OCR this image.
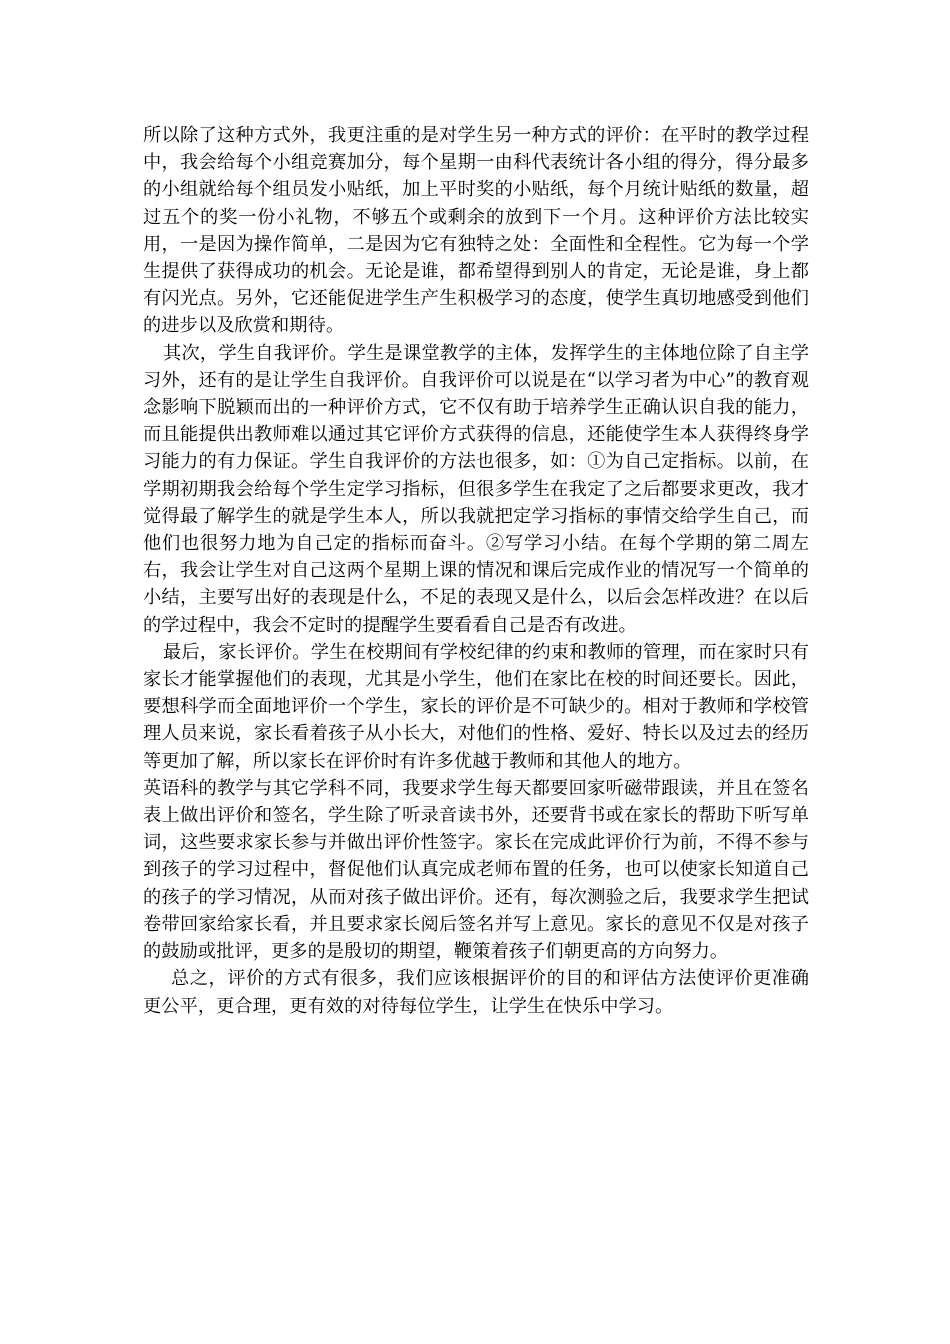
所以除了这种方式外，我更注重的是对学生另一种方式的评价：在平时的教学过程中，我会给每个小组竞赛加分，每个星期一由科代表统计各小组的得分，得分最多的小组就给每个组员发小贴纸，加上平时奖的小贴纸，每个月统计贴纸的数量，超过五个的奖一份小礼物，不够五个或剩余的放到下一个月。这种评价方法比较实用，一是因为操作简单，二是因为它有独特之处：全面性和全程性。它为每一个学生提供了获得成功的机会。无论是谁，都希望得到别人的肯定，无论是谁，身上都有闪光点。另外，它还能促进学生产生积极学习的态度，使学生真切地感受到他们的进步以及欣赏和期待。

其次，学生自我评价。学生是课堂教学的主体，发挥学生的主体地位除了自主学习外，还有的是让学生自我评价。自我评价可以说是在“以学习者为中心”的教育观念影响下脱颖而出的一种评价方式，它不仅有助于培养学生正确认识自我的能力，而且能提供出教师难以通过其它评价方式获得的信息，还能使学生本人获得终身学习能力的有力保证。学生自我评价的方法也很多，如：①为自己定指标。以前，在学期初期我会给每个学生定学习指标，但很多学生在我定了之后都要求更改，我才觉得最了解学生的就是学生本人，所以我就把定学习指标的事情交给学生自己，而他们也很努力地为自己定的指标而奋斗。②写学习小结。在每个学期的第二周左右，我会让学生对自己这两个星期上课的情况和课后完成作业的情况写一个简单的小结，主要写出好的表现是什么，不足的表现又是什么，以后会怎样改进？在以后的学过程中，我会不定时的提醒学生要看看自己是否有改进。

最后，家长评价。学生在校期间有学校纪律的约束和教师的管理，而在家时只有家长才能掌握他们的表现，尤其是小学生，他们在家比在校的时间还要长。因此，要想科学而全面地评价一个学生，家长的评价是不可缺少的。相对于教师和学校管理人员来说，家长看着孩子从小长大，对他们的性格、爱好、特长以及过去的经历等更加了解，所以家长在评价时有许多优越于教师和其他人的地方。

英语科的教学与其它学科不同，我要求学生每天都要回家听磁带跟读，并且在签名表上做出评价和签名，学生除了听录音读书外，还要背书或在家长的帮助下听写单词，这些要求家长参与并做出评价性签字。家长在完成此评价行为前，不得不参与到孩子的学习过程中，督促他们认真完成老师布置的任务，也可以使家长知道自己的孩子的学习情况，从而对孩子做出评价。还有，每次测验之后，我要求学生把试卷带回家给家长看，并且要求家长阅后签名并写上意见。家长的意见不仅是对孩子的鼓励或批评，更多的是殷切的期望，鞭策着孩子们朝更高的方向努力。

总之，评价的方式有很多，我们应该根据评价的目的和评估方法使评价更准确更公平，更合理，更有效的对待每位学生，让学生在快乐中学习。
